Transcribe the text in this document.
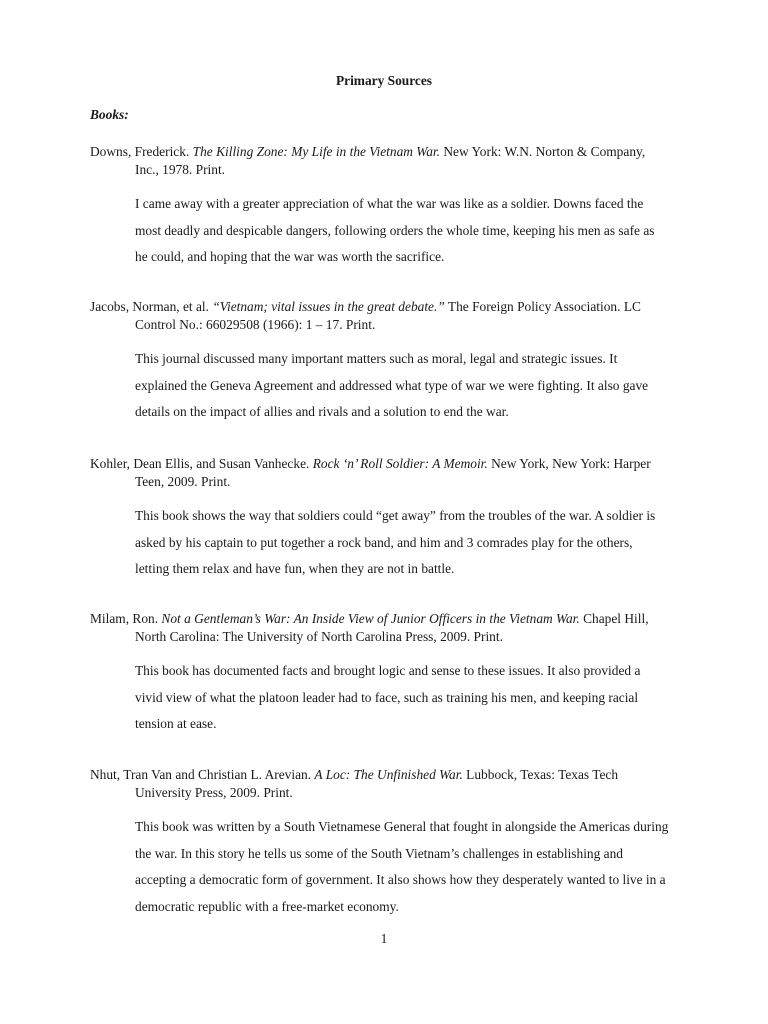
Primary Sources
Books:

Downs, Frederick. The Killing Zone: My Life in the Vietnam War. New York: W.N. Norton & Company, Inc., 1978. Print.

I came away with a greater appreciation of what the war was like as a soldier. Downs faced the most deadly and despicable dangers, following orders the whole time, keeping his men as safe as he could, and hoping that the war was worth the sacrifice.

Jacobs, Norman, et al. “Vietnam; vital issues in the great debate.” The Foreign Policy Association. LC Control No.: 66029508 (1966): 1 – 17. Print.

This journal discussed many important matters such as moral, legal and strategic issues. It explained the Geneva Agreement and addressed what type of war we were fighting. It also gave details on the impact of allies and rivals and a solution to end the war.

Kohler, Dean Ellis, and Susan Vanhecke. Rock ‘n’ Roll Soldier: A Memoir. New York, New York: Harper Teen, 2009. Print.

This book shows the way that soldiers could “get away” from the troubles of the war. A soldier is asked by his captain to put together a rock band, and him and 3 comrades play for the others, letting them relax and have fun, when they are not in battle.

Milam, Ron. Not a Gentleman’s War: An Inside View of Junior Officers in the Vietnam War. Chapel Hill, North Carolina: The University of North Carolina Press, 2009. Print.

This book has documented facts and brought logic and sense to these issues. It also provided a vivid view of what the platoon leader had to face, such as training his men, and keeping racial tension at ease.

Nhut, Tran Van and Christian L. Arevian. A Loc: The Unfinished War. Lubbock, Texas: Texas Tech University Press, 2009. Print.

This book was written by a South Vietnamese General that fought in alongside the Americas during the war. In this story he tells us some of the South Vietnam’s challenges in establishing and accepting a democratic form of government. It also shows how they desperately wanted to live in a democratic republic with a free-market economy.
1
